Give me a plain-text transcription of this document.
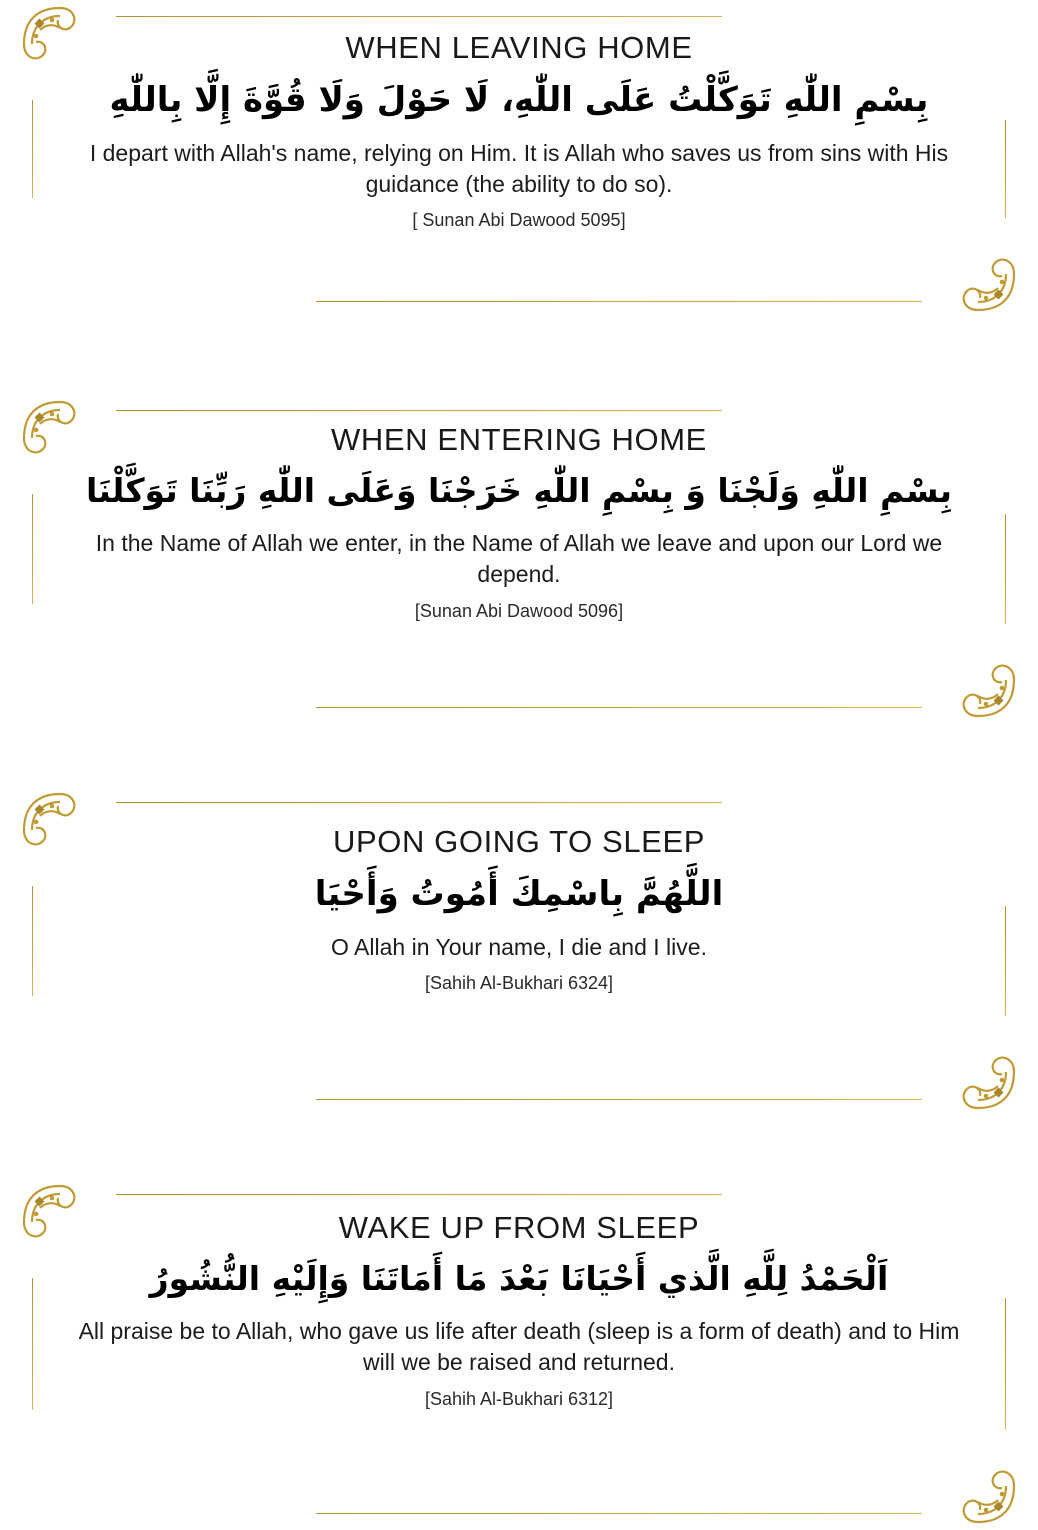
WHEN LEAVING HOME

بِسْمِ اللّٰهِ تَوَكَّلْتُ عَلَى اللّٰهِ، لَا حَوْلَ وَلَا قُوَّةَ إِلَّا بِاللّٰهِ

I depart with Allah's name, relying on Him. It is Allah who saves us from sins with His guidance (the ability to do so).

[ Sunan Abi Dawood 5095]

WHEN ENTERING HOME

بِسْمِ اللّٰهِ وَلَجْنَا وَ بِسْمِ اللّٰهِ خَرَجْنَا وَعَلَى اللّٰهِ رَبِّنَا تَوَكَّلْنَا

In the Name of Allah we enter, in the Name of Allah we leave and upon our Lord we depend.

[Sunan Abi Dawood 5096]

UPON GOING TO SLEEP

اللَّهُمَّ بِاسْمِكَ أَمُوتُ وَأَحْيَا

O Allah in Your name, I die and I live.

[Sahih Al-Bukhari 6324]

WAKE UP FROM SLEEP

اَلْحَمْدُ لِلَّهِ الَّذي أَحْيَانَا بَعْدَ مَا أَمَاتَنَا وَإِلَيْهِ النُّشُورُ

All praise be to Allah, who gave us life after death (sleep is a form of death) and to Him will we be raised and returned.

[Sahih Al-Bukhari 6312]
